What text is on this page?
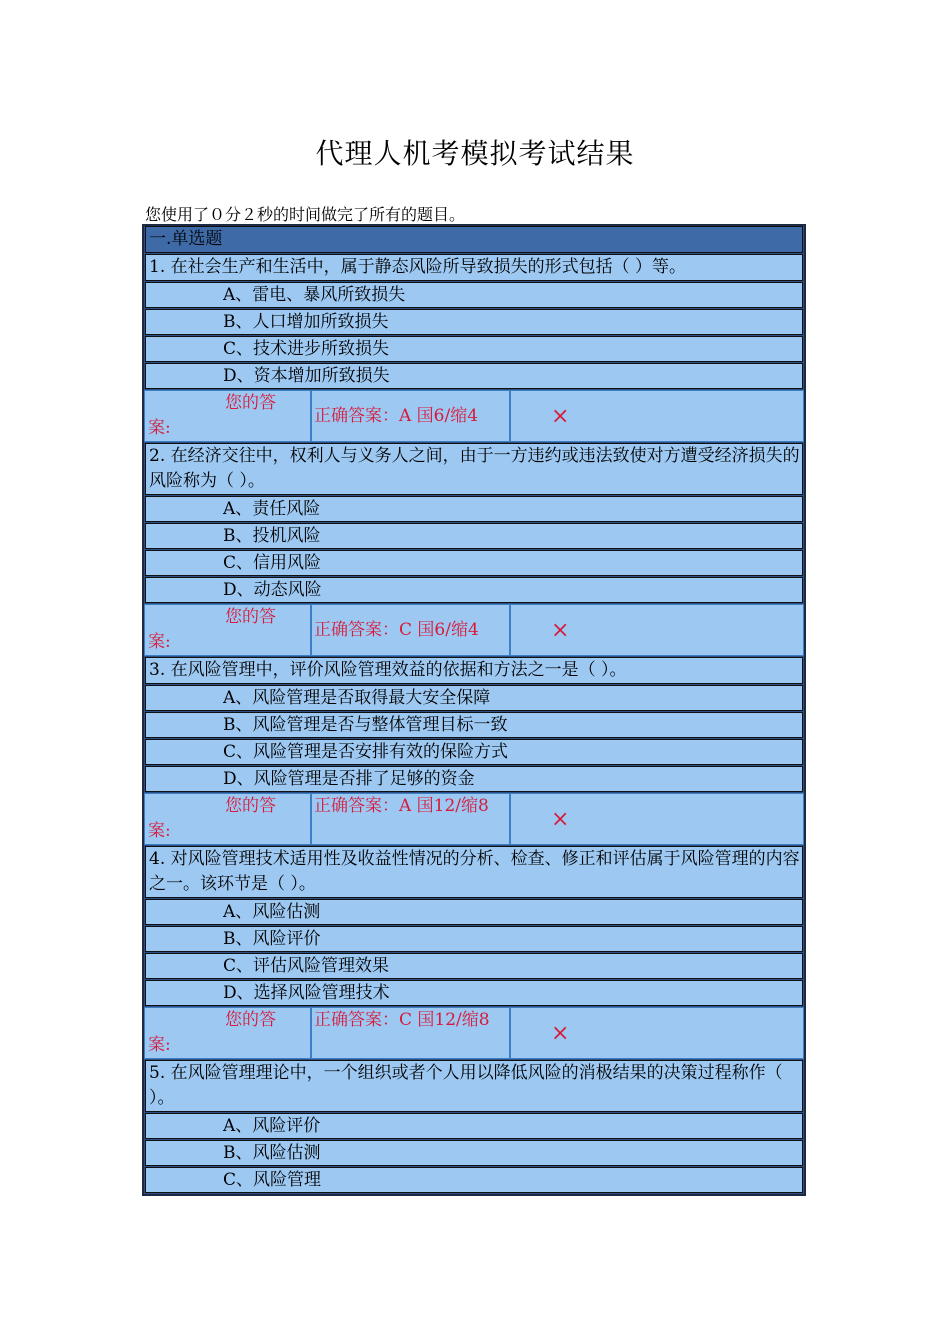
代理人机考模拟考试结果
您使用了０分２秒的时间做完了所有的题目。
一.单选题
1. 在社会生产和生活中，属于静态风险所导致损失的形式包括（ ）等。
A、雷电、暴风所致损失
B、人口增加所致损失
C、技术进步所致损失
D、资本增加所致损失
您的答
案:
正确答案：A 国6/缩4	×
2. 在经济交往中，权利人与义务人之间，由于一方违约或违法致使对方遭受经济损失的风险称为（ ）。
A、责任风险
B、投机风险
C、信用风险
D、动态风险
您的答
案:
正确答案：C 国6/缩4	×
3. 在风险管理中，评价风险管理效益的依据和方法之一是（ ）。
A、风险管理是否取得最大安全保障
B、风险管理是否与整体管理目标一致
C、风险管理是否安排有效的保险方式
D、风险管理是否排了足够的资金
您的答
案:
正确答案：A 国12/缩8
×
4. 对风险管理技术适用性及收益性情况的分析、检查、修正和评估属于风险管理的内容之一。该环节是（ ）。
A、风险估测
B、风险评价
C、评估风险管理效果
D、选择风险管理技术
您的答
案:
正确答案：C 国12/缩8
×
5. 在风险管理理论中，一个组织或者个人用以降低风险的消极结果的决策过程称作（ ）。
A、风险评价
B、风险估测
C、风险管理
